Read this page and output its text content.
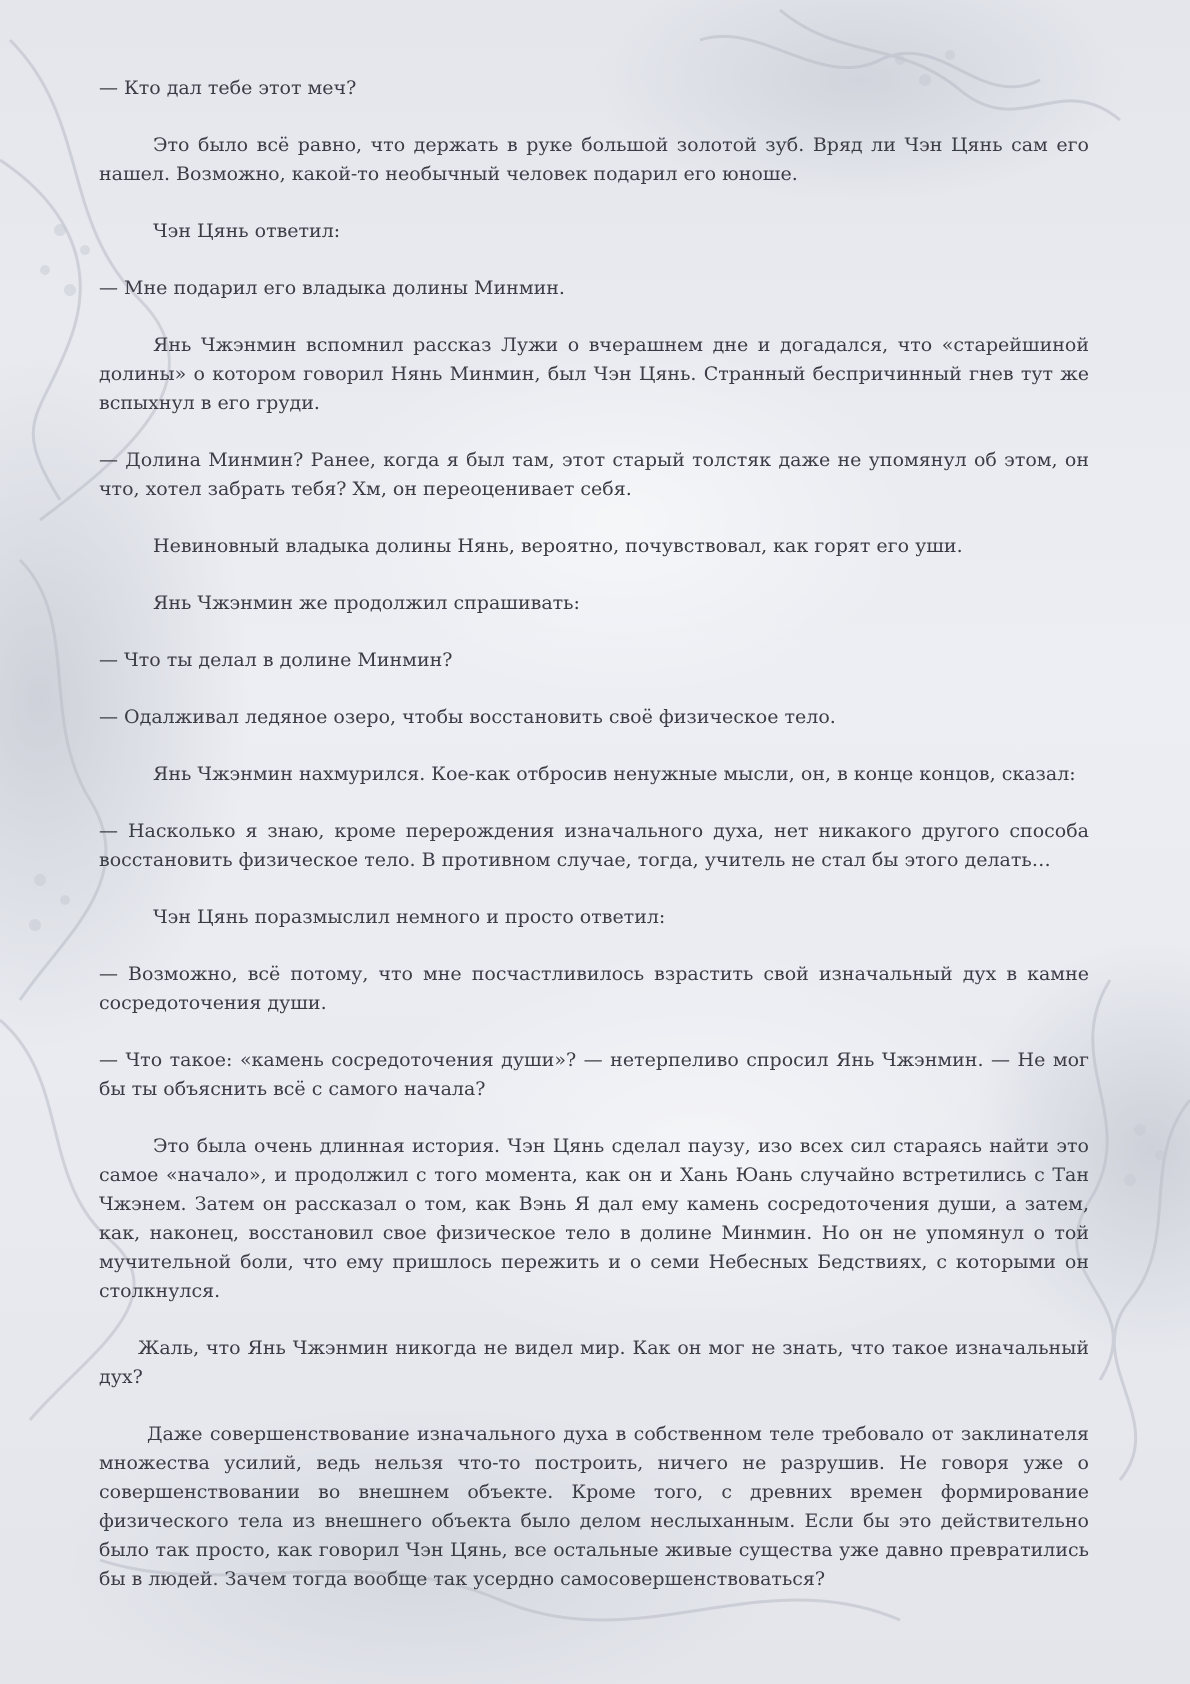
— Кто дал тебе этот меч?

Это было всё равно, что держать в руке большой золотой зуб. Вряд ли Чэн Цянь сам его нашел. Возможно, какой-то необычный человек подарил его юноше.

Чэн Цянь ответил:

— Мне подарил его владыка долины Минмин.

Янь Чжэнмин вспомнил рассказ Лужи о вчерашнем дне и догадался, что «старейшиной долины» о котором говорил Нянь Минмин, был Чэн Цянь. Странный беспричинный гнев тут же вспыхнул в его груди.

— Долина Минмин? Ранее, когда я был там, этот старый толстяк даже не упомянул об этом, он что, хотел забрать тебя? Хм, он переоценивает себя.

Невиновный владыка долины Нянь, вероятно, почувствовал, как горят его уши.

Янь Чжэнмин же продолжил спрашивать:

— Что ты делал в долине Минмин?

— Одалживал ледяное озеро, чтобы восстановить своё физическое тело.

Янь Чжэнмин нахмурился. Кое-как отбросив ненужные мысли, он, в конце концов, сказал:

— Насколько я знаю, кроме перерождения изначального духа, нет никакого другого способа восстановить физическое тело. В противном случае, тогда, учитель не стал бы этого делать…

Чэн Цянь поразмыслил немного и просто ответил:

— Возможно, всё потому, что мне посчастливилось взрастить свой изначальный дух в камне сосредоточения души.

— Что такое: «камень сосредоточения души»? — нетерпеливо спросил Янь Чжэнмин. — Не мог бы ты объяснить всё с самого начала?

Это была очень длинная история. Чэн Цянь сделал паузу, изо всех сил стараясь найти это самое «начало», и продолжил с того момента, как он и Хань Юань случайно встретились с Тан Чжэнем. Затем он рассказал о том, как Вэнь Я дал ему камень сосредоточения души, а затем, как, наконец, восстановил свое физическое тело в долине Минмин. Но он не упомянул о той мучительной боли, что ему пришлось пережить и о семи Небесных Бедствиях, с которыми он столкнулся.

Жаль, что Янь Чжэнмин никогда не видел мир. Как он мог не знать, что такое изначальный дух?

Даже совершенствование изначального духа в собственном теле требовало от заклинателя множества усилий, ведь нельзя что-то построить, ничего не разрушив. Не говоря уже о совершенствовании во внешнем объекте. Кроме того, с древних времен формирование физического тела из внешнего объекта было делом неслыханным. Если бы это действительно было так просто, как говорил Чэн Цянь, все остальные живые существа уже давно превратились бы в людей. Зачем тогда вообще так усердно самосовершенствоваться?
